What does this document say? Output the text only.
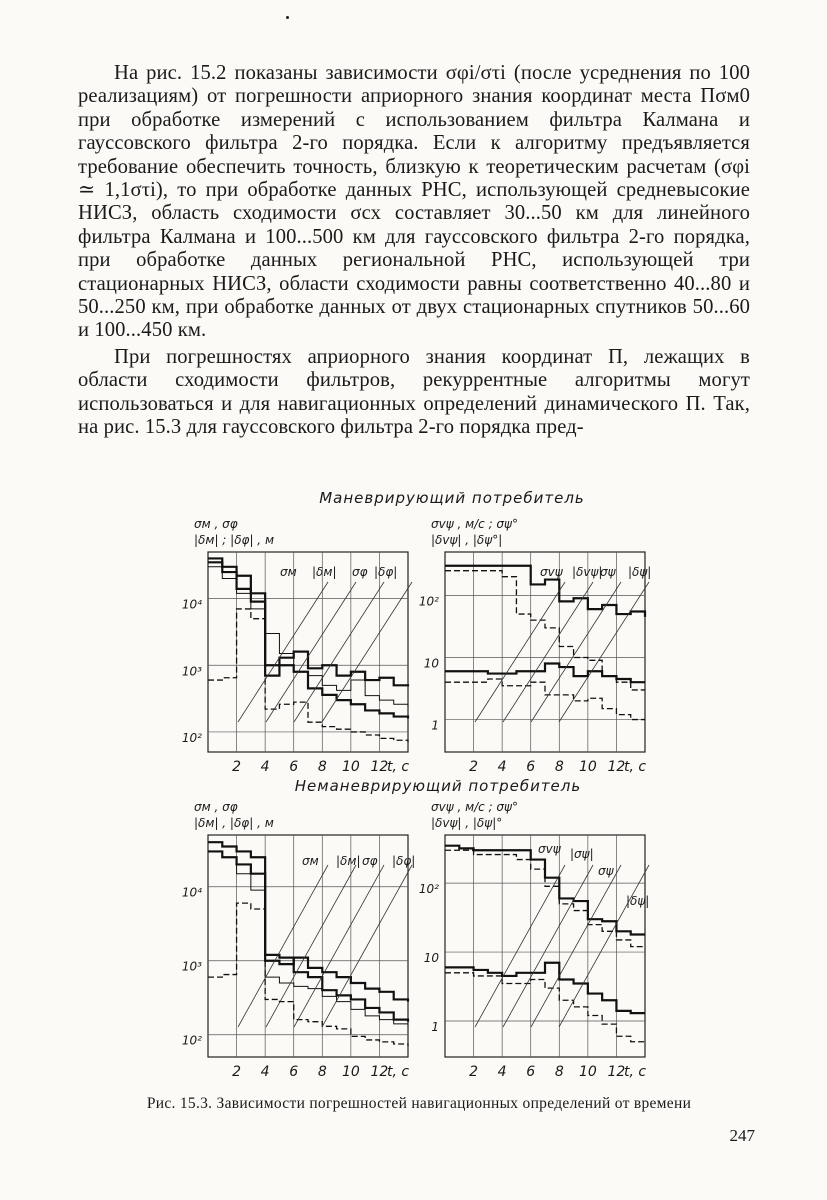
На рис. 15.2 показаны зависимости σφi/στi (после усреднения по 100 реализациям) от погрешности априорного знания координат места Пσм0 при обработке измерений с использованием фильтра Калмана и гауссовского фильтра 2-го порядка. Если к алгоритму предъявляется требование обеспечить точность, близкую к теоретическим расчетам (σφi ≃ 1,1στi), то при обработке данных РНС, использующей средневысокие НИСЗ, область сходимости σсх составляет 30...50 км для линейного фильтра Калмана и 100...500 км для гауссовского фильтра 2-го порядка, при обработке данных региональной РНС, использующей три стационарных НИСЗ, области сходимости равны соответственно 40...80 и 50...250 км, при обработке данных от двух стационарных спутников 50...60 и 100...450 км.

При погрешностях априорного знания координат П, лежащих в области сходимости фильтров, рекуррентные алгоритмы могут использоваться и для навигационных определений динамического П. Так, на рис. 15.3 для гауссовского фильтра 2-го порядка пред-

Маневрирующий потребитель
Неманеврирующий потребитель
2 4 6 8 10 12
t, c
10⁴
10³
10²
σм , σφ
|δм| ; |δφ| , м
σм |δм| σφ |δφ|
2 4 6 8 10 12
t, c
10²
10
1
σvψ , м/с ; σψ°
|δvψ| , |δψ°|
σvψ |δvψ|
σψ |δψ|
2 4 6 8 10 12
t, c
10⁴
10³
10²
σм , σφ
|δм| , |δφ| , м
σм |δм| σφ |δφ|
2 4 6 8 10 12
t, c
10²
10
1
σvψ , м/с ; σψ°
|δvψ| , |δψ|°
σvψ |σψ|
σψ
|δψ|
Рис. 15.3. Зависимости погрешностей навигационных определений от времени
247
